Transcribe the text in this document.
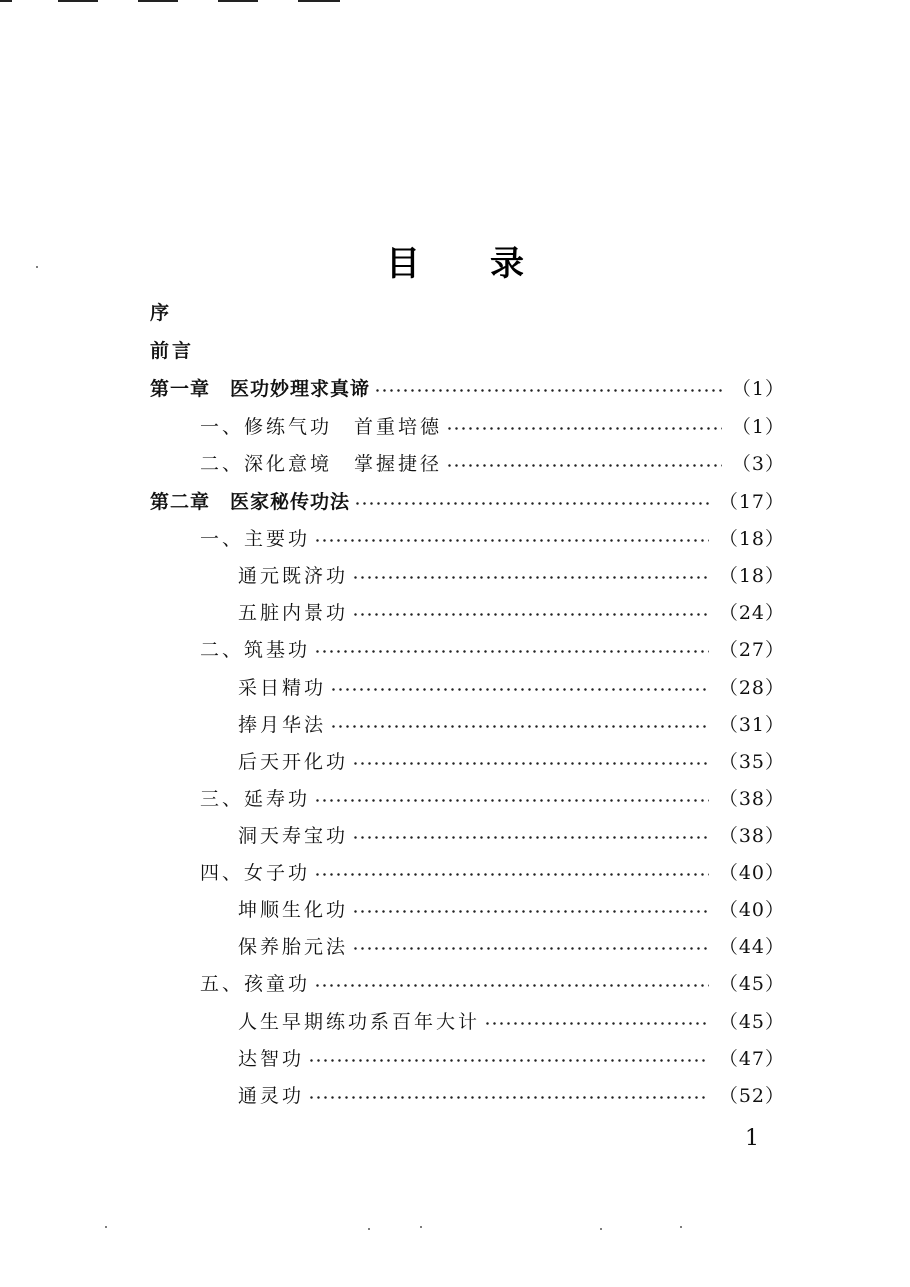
目 录
序
前言
第一章　医功妙理求真谛	（1）
一、修练气功　首重培德	（1）
二、深化意境　掌握捷径	（3）
第二章　医家秘传功法	（17）
一、主要功	（18）
通元既济功	（18）
五脏内景功	（24）
二、筑基功	（27）
采日精功	（28）
捧月华法	（31）
后天开化功	（35）
三、延寿功	（38）
洞天寿宝功	（38）
四、女子功	（40）
坤顺生化功	（40）
保养胎元法	（44）
五、孩童功	（45）
人生早期练功系百年大计	（45）
达智功	（47）
通灵功	（52）
1
